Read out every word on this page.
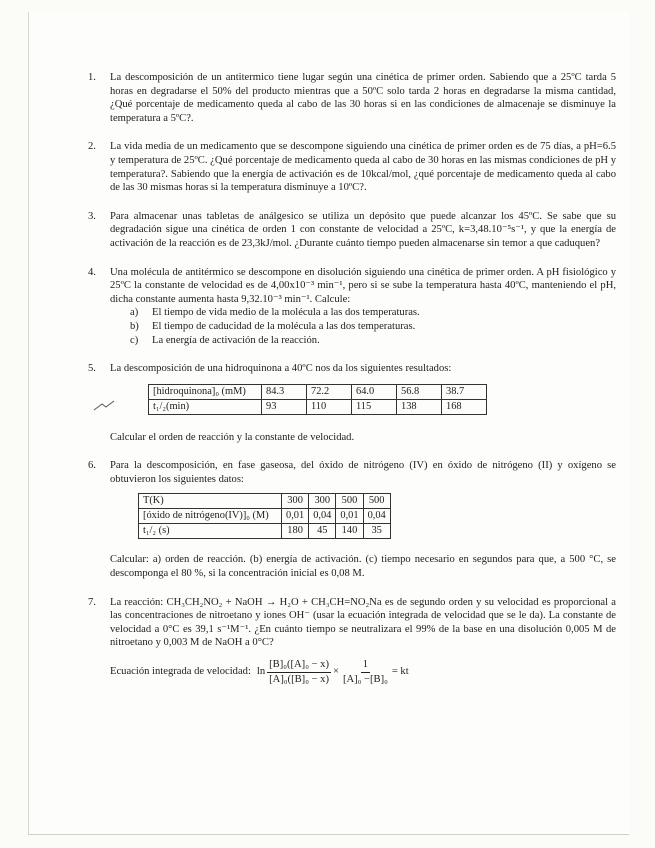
1. La descomposición de un antitermico tiene lugar según una cinética de primer orden. Sabiendo que a 25ºC tarda 5 horas en degradarse el 50% del producto mientras que a 50ºC solo tarda 2 horas en degradarse la misma cantidad, ¿Qué porcentaje de medicamento queda al cabo de las 30 horas si en las condiciones de almacenaje se disminuye la temperatura a 5ºC?.

2. La vida media de un medicamento que se descompone siguiendo una cinética de primer orden es de 75 días, a pH=6.5 y temperatura de 25ºC. ¿Qué porcentaje de medicamento queda al cabo de 30 horas en las mismas condiciones de pH y temperatura?. Sabiendo que la energía de activación es de 10kcal/mol, ¿qué porcentaje de medicamento queda al cabo de las 30 mismas horas si la temperatura disminuye a 10ºC?.

3. Para almacenar unas tabletas de análgesico se utiliza un depósito que puede alcanzar los 45ºC. Se sabe que su degradación sigue una cinética de orden 1 con constante de velocidad a 25ºC, k=3,48.10⁻⁵s⁻¹, y que la energía de activación de la reacción es de 23,3kJ/mol. ¿Durante cuánto tiempo pueden almacenarse sin temor a que caduquen?

4. Una molécula de antitérmico se descompone en disolución siguiendo una cinética de primer orden. A pH fisiológico y 25ºC la constante de velocidad es de 4,00x10⁻³ min⁻¹, pero si se sube la temperatura hasta 40ºC, manteniendo el pH, dicha constante aumenta hasta 9,32.10⁻³ min⁻¹. Calcule:

a) El tiempo de vida medio de la molécula a las dos temperaturas.
b) El tiempo de caducidad de la molécula a las dos temperaturas.
c) La energía de activación de la reacción.
5. La descomposición de una hidroquinona a 40ºC nos da los siguientes resultados:

[hidroquinona]₀ (mM)	84.3	72.2	64.0	56.8	38.7
t₁/₂(min)	93	110	115	138	168

Calcular el orden de reacción y la constante de velocidad.

6. Para la descomposición, en fase gaseosa, del óxido de nitrógeno (IV) en óxido de nitrógeno (II) y oxígeno se obtuvieron los siguientes datos:

T(K)	300	300	500	500
[óxido de nitrógeno(IV)]₀ (M)	0,01	0,04	0,01	0,04
t₁/₂ (s)	180	45	140	35

Calcular: a) orden de reacción. (b) energía de activación. (c) tiempo necesario en segundos para que, a 500 °C, se descomponga el 80 %, si la concentración inicial es 0,08 M.

7. La reacción: CH₃CH₂NO₂ + NaOH → H₂O + CH₃CH=NO₂Na es de segundo orden y su velocidad es proporcional a las concentraciones de nitroetano y iones OH⁻ (usar la ecuación integrada de velocidad que se le da). La constante de velocidad a 0°C es 39,1 s⁻¹M⁻¹. ¿En cuánto tiempo se neutralizara el 99% de la base en una disolución 0,005 M de nitroetano y 0,003 M de NaOH a 0°C?

Ecuación integrada de velocidad: $\ln \frac{\text{[B]₀([A]₀ − x)}}{\text{[A]₀([B]₀ − x)}} \times \frac{1}{\text{[A]₀ −[B]₀}}$ = kt
